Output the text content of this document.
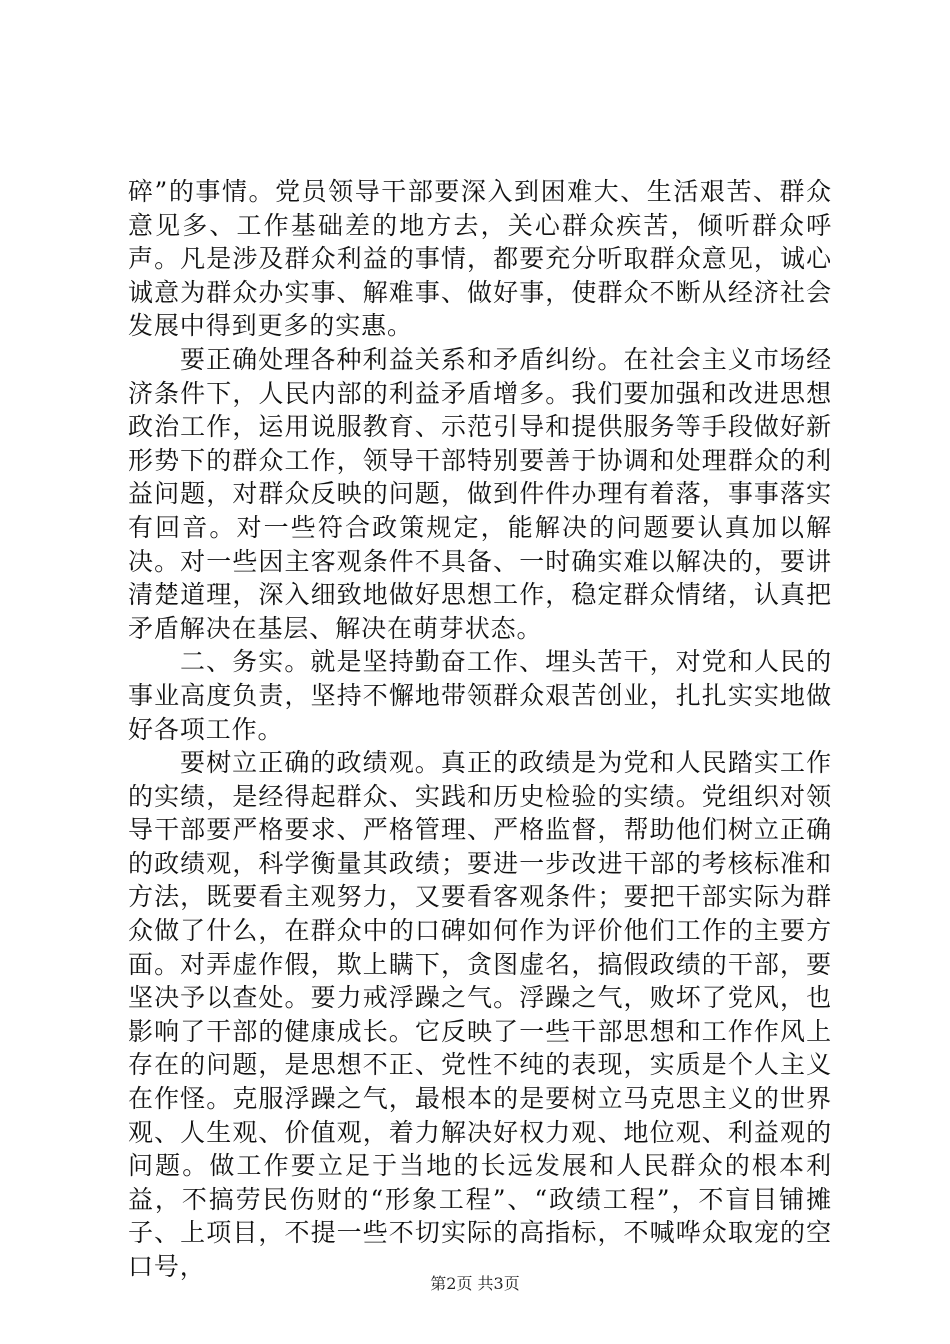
碎”的事情。党员领导干部要深入到困难大、生活艰苦、群众意见多、工作基础差的地方去，关心群众疾苦，倾听群众呼声。凡是涉及群众利益的事情，都要充分听取群众意见，诚心诚意为群众办实事、解难事、做好事，使群众不断从经济社会发展中得到更多的实惠。

要正确处理各种利益关系和矛盾纠纷。在社会主义市场经济条件下，人民内部的利益矛盾增多。我们要加强和改进思想政治工作，运用说服教育、示范引导和提供服务等手段做好新形势下的群众工作，领导干部特别要善于协调和处理群众的利益问题，对群众反映的问题，做到件件办理有着落，事事落实有回音。对一些符合政策规定，能解决的问题要认真加以解决。对一些因主客观条件不具备、一时确实难以解决的，要讲清楚道理，深入细致地做好思想工作，稳定群众情绪，认真把矛盾解决在基层、解决在萌芽状态。

二、务实。就是坚持勤奋工作、埋头苦干，对党和人民的事业高度负责，坚持不懈地带领群众艰苦创业，扎扎实实地做好各项工作。

要树立正确的政绩观。真正的政绩是为党和人民踏实工作的实绩，是经得起群众、实践和历史检验的实绩。党组织对领导干部要严格要求、严格管理、严格监督，帮助他们树立正确的政绩观，科学衡量其政绩；要进一步改进干部的考核标准和方法，既要看主观努力，又要看客观条件；要把干部实际为群众做了什么，在群众中的口碑如何作为评价他们工作的主要方面。对弄虚作假，欺上瞒下，贪图虚名，搞假政绩的干部，要坚决予以查处。要力戒浮躁之气。浮躁之气，败坏了党风，也影响了干部的健康成长。它反映了一些干部思想和工作作风上存在的问题，是思想不正、党性不纯的表现，实质是个人主义在作怪。克服浮躁之气，最根本的是要树立马克思主义的世界观、人生观、价值观，着力解决好权力观、地位观、利益观的问题。做工作要立足于当地的长远发展和人民群众的根本利益，不搞劳民伤财的“形象工程”、“政绩工程”，不盲目铺摊子、上项目，不提一些不切实际的高指标，不喊哗众取宠的空口号，

第2页 共3页
